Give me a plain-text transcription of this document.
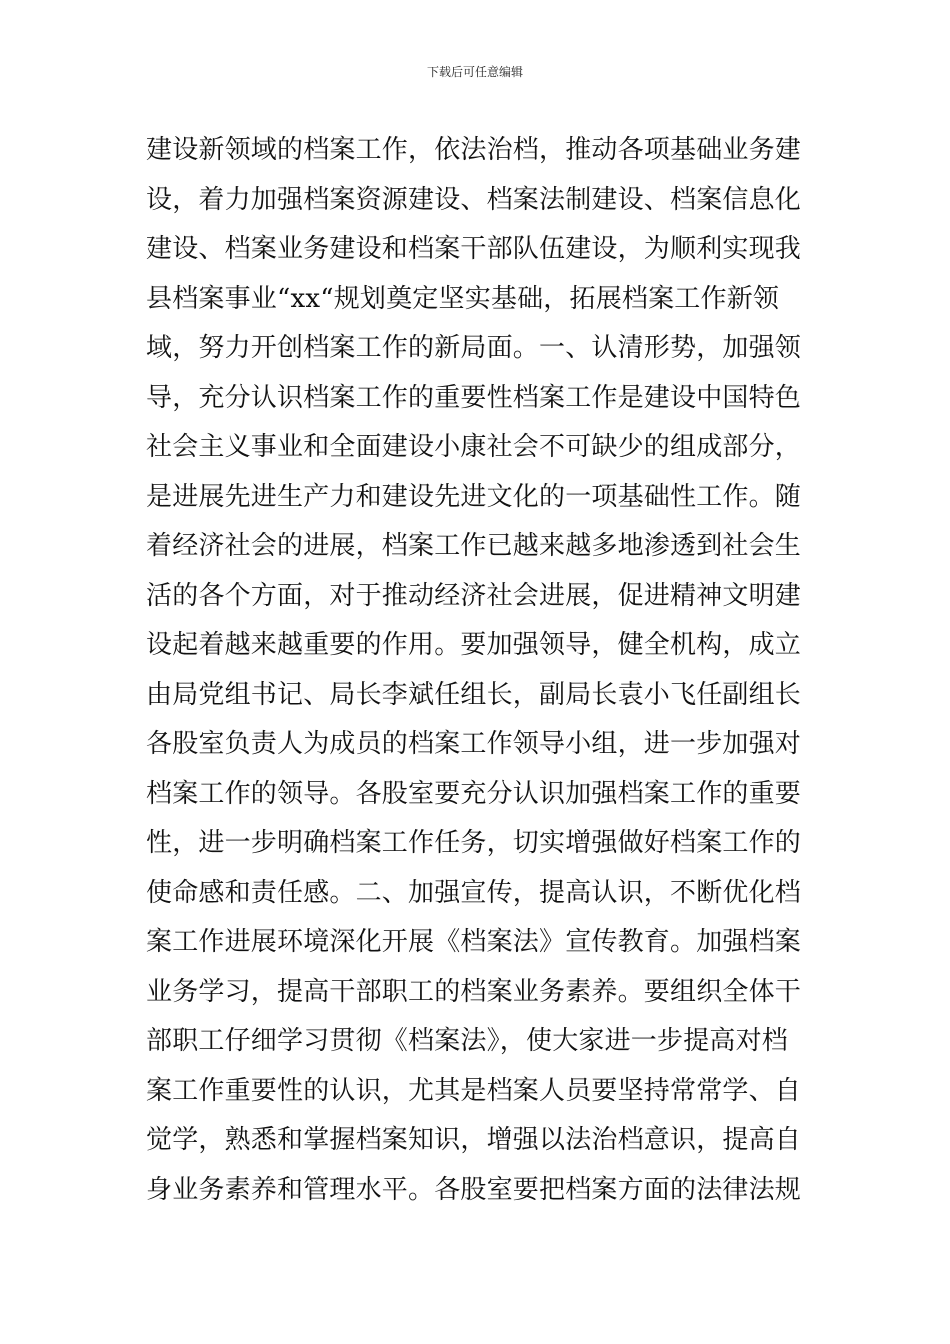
下载后可任意编辑
建设新领域的档案工作，依法治档，推动各项基础业务建
设，着力加强档案资源建设、档案法制建设、档案信息化
建设、档案业务建设和档案干部队伍建设，为顺利实现我
县档案事业“xx“规划奠定坚实基础，拓展档案工作新领
域，努力开创档案工作的新局面。一、认清形势，加强领
导，充分认识档案工作的重要性档案工作是建设中国特色
社会主义事业和全面建设小康社会不可缺少的组成部分，
是进展先进生产力和建设先进文化的一项基础性工作。随
着经济社会的进展，档案工作已越来越多地渗透到社会生
活的各个方面，对于推动经济社会进展，促进精神文明建
设起着越来越重要的作用。要加强领导，健全机构，成立
由局党组书记、局长李斌任组长，副局长袁小飞任副组长
各股室负责人为成员的档案工作领导小组，进一步加强对
档案工作的领导。各股室要充分认识加强档案工作的重要
性，进一步明确档案工作任务，切实增强做好档案工作的
使命感和责任感。二、加强宣传，提高认识，不断优化档
案工作进展环境深化开展《档案法》宣传教育。加强档案
业务学习，提高干部职工的档案业务素养。要组织全体干
部职工仔细学习贯彻《档案法》，使大家进一步提高对档
案工作重要性的认识，尤其是档案人员要坚持常常学、自
觉学，熟悉和掌握档案知识，增强以法治档意识，提高自
身业务素养和管理水平。各股室要把档案方面的法律法规
